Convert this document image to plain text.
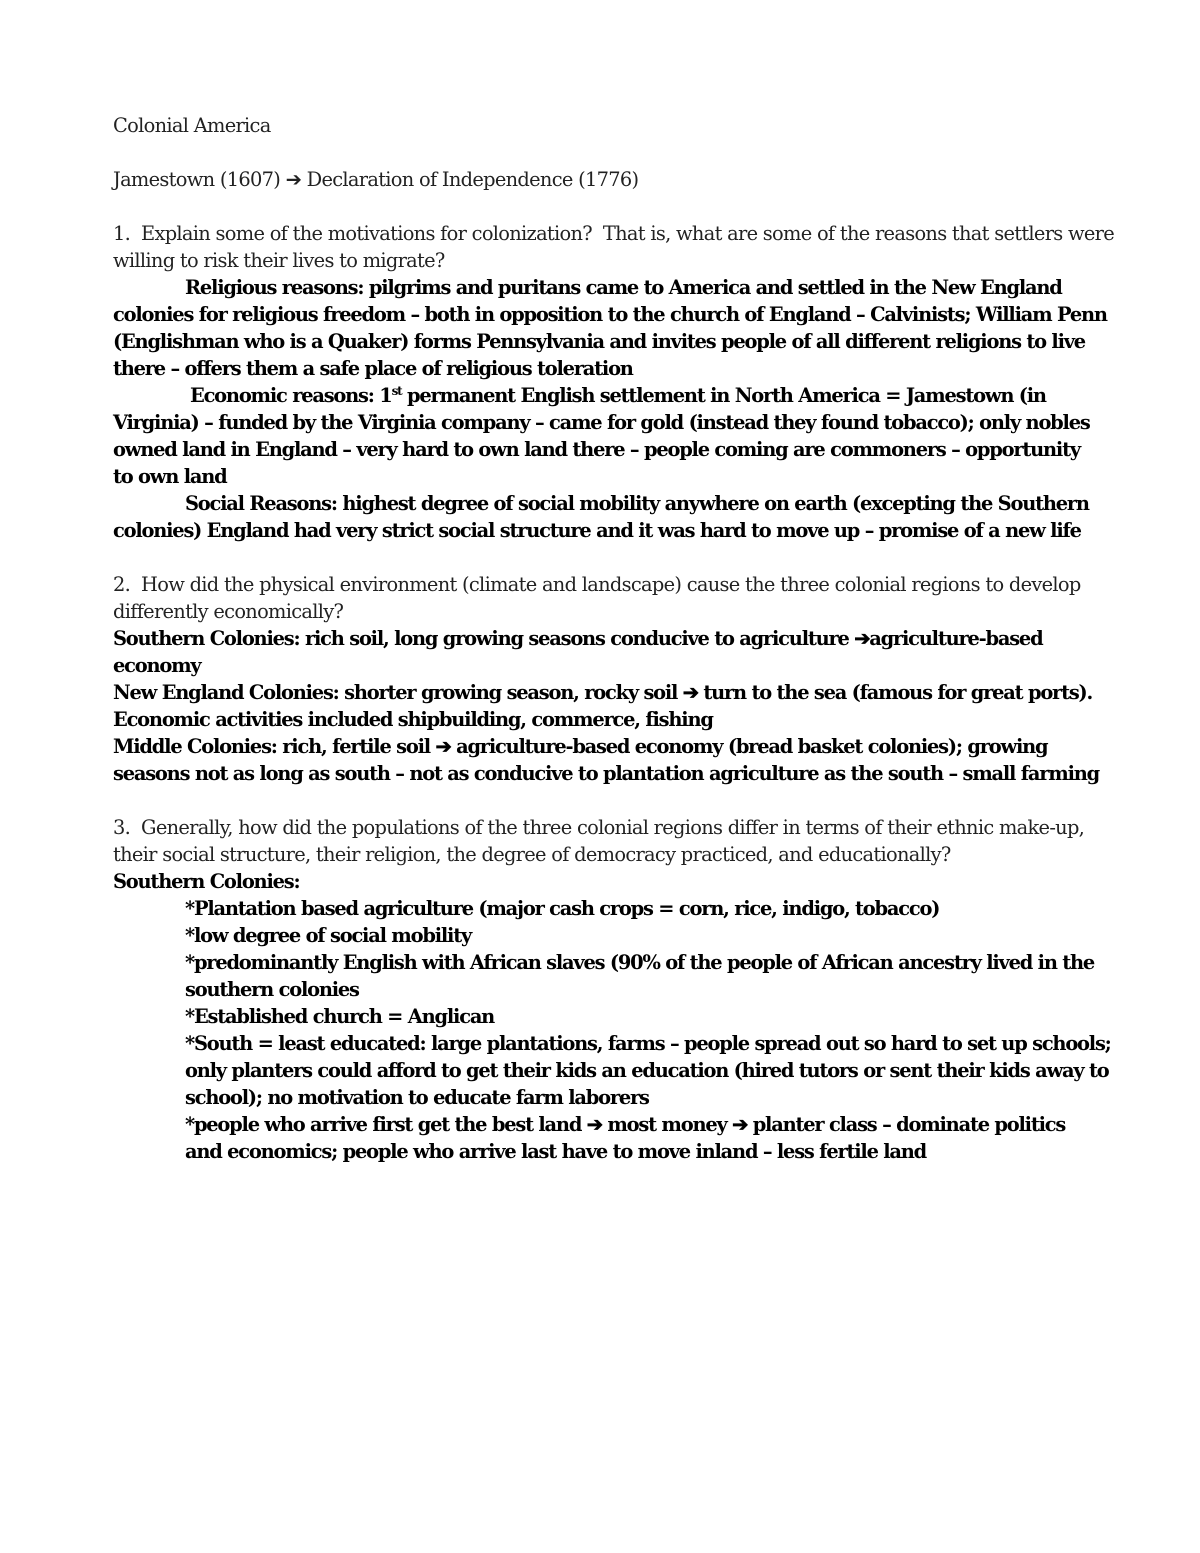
Colonial America
Jamestown (1607) ➔ Declaration of Independence (1776)
1.  Explain some of the motivations for colonization?  That is, what are some of the reasons that settlers were
willing to risk their lives to migrate?
Religious reasons: pilgrims and puritans came to America and settled in the New England
colonies for religious freedom – both in opposition to the church of England – Calvinists; William Penn
(Englishman who is a Quaker) forms Pennsylvania and invites people of all different religions to live
there – offers them a safe place of religious toleration
Economic reasons: 1st permanent English settlement in North America = Jamestown (in
Virginia) – funded by the Virginia company – came for gold (instead they found tobacco); only nobles
owned land in England – very hard to own land there – people coming are commoners – opportunity
to own land
Social Reasons: highest degree of social mobility anywhere on earth (excepting the Southern
colonies) England had very strict social structure and it was hard to move up – promise of a new life
2.  How did the physical environment (climate and landscape) cause the three colonial regions to develop
differently economically?
Southern Colonies: rich soil, long growing seasons conducive to agriculture ➔agriculture-based
economy
New England Colonies: shorter growing season, rocky soil ➔ turn to the sea (famous for great ports).
Economic activities included shipbuilding, commerce, fishing
Middle Colonies: rich, fertile soil ➔ agriculture-based economy (bread basket colonies); growing
seasons not as long as south – not as conducive to plantation agriculture as the south – small farming
3.  Generally, how did the populations of the three colonial regions differ in terms of their ethnic make-up,
their social structure, their religion, the degree of democracy practiced, and educationally?
Southern Colonies:
*Plantation based agriculture (major cash crops = corn, rice, indigo, tobacco)
*low degree of social mobility
*predominantly English with African slaves (90% of the people of African ancestry lived in the
southern colonies
*Established church = Anglican
*South = least educated: large plantations, farms – people spread out so hard to set up schools;
only planters could afford to get their kids an education (hired tutors or sent their kids away to
school); no motivation to educate farm laborers
*people who arrive first get the best land ➔ most money ➔ planter class – dominate politics
and economics; people who arrive last have to move inland – less fertile land
